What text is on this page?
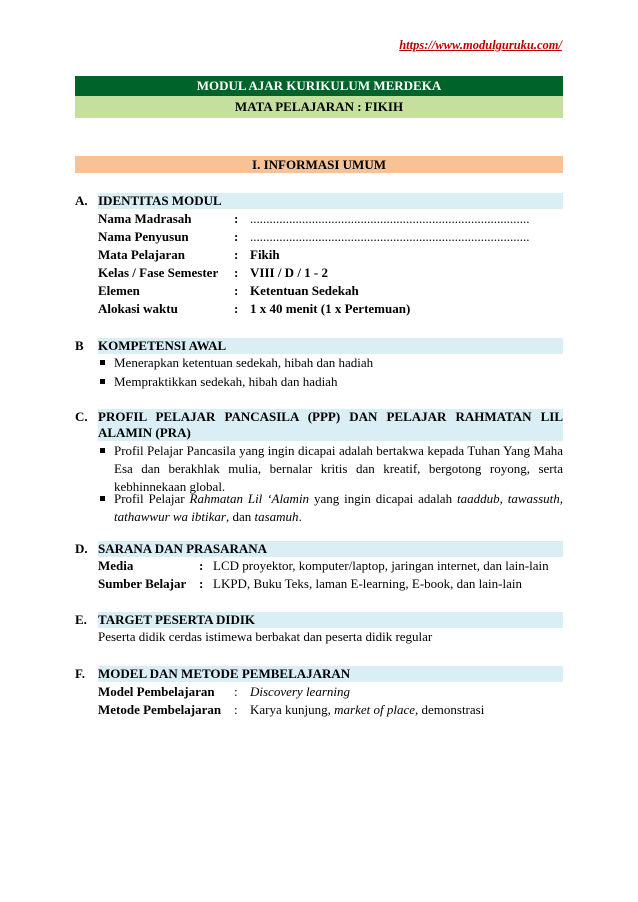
https://www.modulguruku.com/
MODUL AJAR KURIKULUM MERDEKA
MATA PELAJARAN : FIKIH
I. INFORMASI UMUM
A. IDENTITAS MODUL
Nama Madrasah	: ......................................................................................
Nama Penyusun	: ......................................................................................
Mata Pelajaran	: Fikih
Kelas / Fase Semester : VIII / D / 1 - 2
Elemen	: Ketentuan Sedekah
Alokasi waktu	: 1 x 40 menit (1 x Pertemuan)
B KOMPETENSI AWAL
Menerapkan ketentuan sedekah, hibah dan hadiah
Mempraktikkan sedekah, hibah dan hadiah
C. PROFIL PELAJAR PANCASILA (PPP) DAN PELAJAR RAHMATAN LIL
ALAMIN (PRA)
Profil Pelajar Pancasila yang ingin dicapai adalah bertakwa kepada Tuhan Yang Maha Esa dan berakhlak mulia, bernalar kritis dan kreatif, bergotong royong, serta kebhinnekaan global.
Profil Pelajar Rahmatan Lil ‘Alamin yang ingin dicapai adalah taaddub, tawassuth, tathawwur wa ibtikar, dan tasamuh.
D. SARANA DAN PRASARANA
Media	: LCD proyektor, komputer/laptop, jaringan internet, dan lain-lain
Sumber Belajar : LKPD, Buku Teks, laman E-learning, E-book, dan lain-lain
E. TARGET PESERTA DIDIK
Peserta didik cerdas istimewa berbakat dan peserta didik regular
F. MODEL DAN METODE PEMBELAJARAN
Model Pembelajaran : Discovery learning
Metode Pembelajaran : Karya kunjung, market of place, demonstrasi
